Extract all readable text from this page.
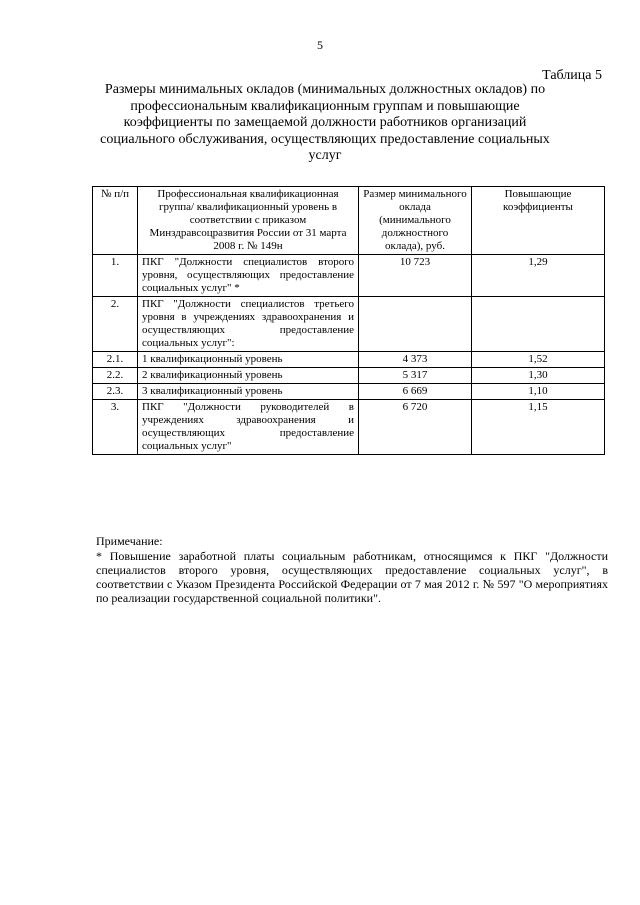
5
Таблица 5
Размеры минимальных окладов (минимальных должностных окладов) по профессиональным квалификационным группам и повышающие коэффициенты по замещаемой должности работников организаций социального обслуживания, осуществляющих предоставление социальных услуг
№ п/п	Профессиональная квалификационная группа/ квалификационный уровень в соответствии с приказом Минздравсоцразвития России от 31 марта 2008 г. № 149н	Размер минимального оклада (минимального должностного оклада), руб.	Повышающие коэффициенты
1.	ПКГ "Должности специалистов второго уровня, осуществляющих предоставление социальных услуг" *	10 723	1,29
2.	ПКГ "Должности специалистов третьего уровня в учреждениях здравоохранения и осуществляющих предоставление социальных услуг":		
2.1.	1 квалификационный уровень	4 373	1,52
2.2.	2 квалификационный уровень	5 317	1,30
2.3.	3 квалификационный уровень	6 669	1,10
3.	ПКГ "Должности руководителей в учреждениях здравоохранения и осуществляющих предоставление социальных услуг"	6 720	1,15
Примечание:
* Повышение заработной платы социальным работникам, относящимся к ПКГ "Должности специалистов второго уровня, осуществляющих предоставление социальных услуг", в соответствии с Указом Президента Российской Федерации от 7 мая 2012 г. № 597 "О мероприятиях по реализации государственной социальной политики".
